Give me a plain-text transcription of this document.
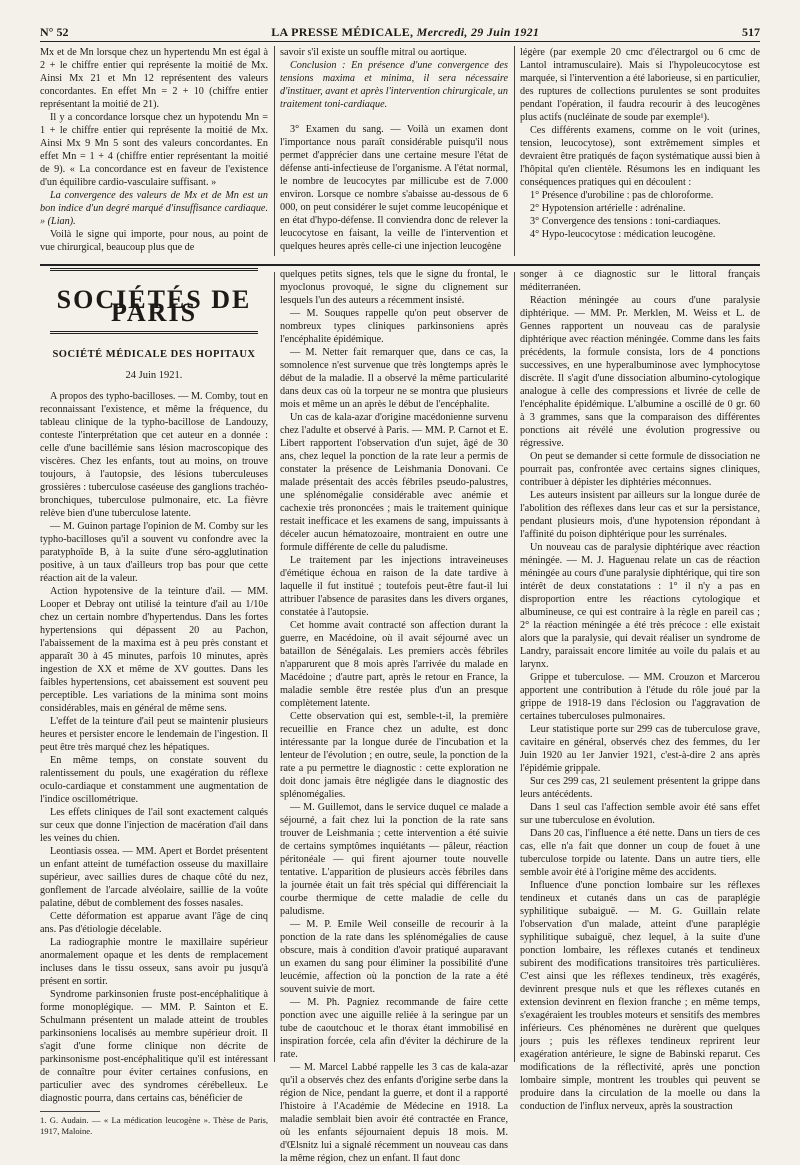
N° 52	LA PRESSE MÉDICALE, Mercredi, 29 Juin 1921	517

Mx et de Mn lorsque chez un hypertendu Mn est égal à 2 + le chiffre entier qui représente la moitié de Mx. Ainsi Mx 21 et Mn 12 représentent des valeurs concordantes. En effet Mn = 2 + 10 (chiffre entier représentant la moitié de 21).

Il y a concordance lorsque chez un hypotendu Mn = 1 + le chiffre entier qui représente la moitié de Mx. Ainsi Mx 9 Mn 5 sont des valeurs concordantes. En effet Mn = 1 + 4 (chiffre entier représentant la moitié de 9). « La concordance est en faveur de l'existence d'un équilibre cardio-vasculaire suffisant. »

La convergence des valeurs de Mx et de Mn est un bon indice d'un degré marqué d'insuffisance cardiaque. » (Lian).

Voilà le signe qui importe, pour nous, au point de vue chirurgical, beaucoup plus que de

savoir s'il existe un souffle mitral ou aortique.

Conclusion : En présence d'une convergence des tensions maxima et minima, il sera nécessaire d'instituer, avant et après l'intervention chirurgicale, un traitement toni-cardiaque.

3° Examen du sang. — Voilà un examen dont l'importance nous paraît considérable puisqu'il nous permet d'apprécier dans une certaine mesure l'état de défense anti-infectieuse de l'organisme. A l'état normal, le nombre de leucocytes par millicube est de 7.000 environ. Lorsque ce nombre s'abaisse au-dessous de 6 000, on peut considérer le sujet comme leucopénique et en état d'hypo-défense. Il conviendra donc de relever la leucocytose en faisant, la veille de l'intervention et quelques heures après celle-ci une injection leucogène

légère (par exemple 20 cmc d'électrargol ou 6 cmc de Lantol intramusculaire). Mais si l'hypoleucocytose est marquée, si l'intervention a été laborieuse, si en particulier, des ruptures de collections purulentes se sont produites pendant l'opération, il faudra recourir à des leucogènes plus actifs (nucléinate de soude par exemple¹).

Ces différents examens, comme on le voit (urines, tension, leucocytose), sont extrêmement simples et devraient être pratiqués de façon systématique aussi bien à l'hôpital qu'en clientèle. Résumons les en indiquant les conséquences pratiques qui en découlent :

1° Présence d'urobiline : pas de chloroforme.

2° Hypotension artérielle : adrénaline.

3° Convergence des tensions : toni-cardiaques.

4° Hypo-leucocytose : médication leucogène.

SOCIÉTÉS DE PARIS
SOCIÉTÉ MÉDICALE DES HOPITAUX
24 Juin 1921.

A propos des typho-bacilloses. — M. Comby, tout en reconnaissant l'existence, et même la fréquence, du tableau clinique de la typho-bacillose de Landouzy, conteste l'interprétation que cet auteur en a donnée : celle d'une bacillémie sans lésion macroscopique des viscères. Chez les enfants, tout au moins, on trouve toujours, à l'autopsie, des lésions tuberculeuses grossières : tuberculose caséeuse des ganglions trachéo-bronchiques, tuberculose pulmonaire, etc. La fièvre relève bien d'une tuberculose latente.

— M. Guinon partage l'opinion de M. Comby sur les typho-bacilloses qu'il a souvent vu confondre avec la paratyphoïde B, à la suite d'une séro-agglutination positive, à un taux d'ailleurs trop bas pour que cette réaction ait de la valeur.

Action hypotensive de la teinture d'ail. — MM. Looper et Debray ont utilisé la teinture d'ail au 1/10e chez un certain nombre d'hypertendus. Dans les fortes hypertensions qui dépassent 20 au Pachon, l'abaissement de la maxima est à peu près constant et apparaît 30 à 45 minutes, parfois 10 minutes, après ingestion de XX et même de XV gouttes. Dans les faibles hypertensions, cet abaissement est souvent peu perceptible. Les variations de la minima sont moins considérables, mais en général de même sens.

L'effet de la teinture d'ail peut se maintenir plusieurs heures et persister encore le lendemain de l'ingestion. Il peut être très marqué chez les hépatiques.

En même temps, on constate souvent du ralentissement du pouls, une exagération du réflexe oculo-cardiaque et constamment une augmentation de l'indice oscillométrique.

Les effets cliniques de l'ail sont exactement calqués sur ceux que donne l'injection de macération d'ail dans les veines du chien.

Leontiasis ossea. — MM. Apert et Bordet présentent un enfant atteint de tuméfaction osseuse du maxillaire supérieur, avec saillies dures de chaque côté du nez, gonflement de l'arcade alvéolaire, saillie de la voûte palatine, début de comblement des fosses nasales.

Cette déformation est apparue avant l'âge de cinq ans. Pas d'étiologie décelable.

La radiographie montre le maxillaire supérieur anormalement opaque et les dents de remplacement incluses dans le tissu osseux, sans avoir pu jusqu'à présent en sortir.

Syndrome parkinsonien fruste post-encéphalitique à forme monoplégique. — MM. P. Sainton et E. Schulmann présentent un malade atteint de troubles parkinsoniens localisés au membre supérieur droit. Il s'agit d'une forme clinique non décrite de parkinsonisme post-encéphalitique qu'il est intéressant de connaître pour éviter certaines confusions, en particulier avec des syndromes cérébelleux. Le diagnostic pourra, dans certains cas, bénéficier de

1. G. Audain. — « La médication leucogène ». Thèse de Paris, 1917, Maloine.

quelques petits signes, tels que le signe du frontal, le myoclonus provoqué, le signe du clignement sur lesquels l'un des auteurs a récemment insisté.

— M. Souques rappelle qu'on peut observer de nombreux types cliniques parkinsoniens après l'encéphalite épidémique.

— M. Netter fait remarquer que, dans ce cas, la somnolence n'est survenue que très longtemps après le début de la maladie. Il a observé la même particularité dans deux cas où la torpeur ne se montra que plusieurs mois et même un an après le début de l'encéphalite.

Un cas de kala-azar d'origine macédonienne survenu chez l'adulte et observé à Paris. — MM. P. Carnot et E. Libert rapportent l'observation d'un sujet, âgé de 30 ans, chez lequel la ponction de la rate leur a permis de constater la présence de Leishmania Donovani. Ce malade présentait des accès fébriles pseudo-palustres, une splénomégalie considérable avec anémie et cachexie très prononcées ; mais le traitement quinique restait inefficace et les examens de sang, impuissants à déceler aucun hématozoaire, montraient en outre une formule différente de celle du paludisme.

Le traitement par les injections intraveineuses d'émétique échoua en raison de la date tardive à laquelle il fut institué ; toutefois peut-être faut-il lui attribuer l'absence de parasites dans les divers organes, constatée à l'autopsie.

Cet homme avait contracté son affection durant la guerre, en Macédoine, où il avait séjourné avec un bataillon de Sénégalais. Les premiers accès fébriles n'apparurent que 8 mois après l'arrivée du malade en Macédoine ; d'autre part, après le retour en France, la maladie semble être restée plus d'un an presque complètement latente.

Cette observation qui est, semble-t-il, la première recueillie en France chez un adulte, est donc intéressante par la longue durée de l'incubation et la lenteur de l'évolution ; en outre, seule, la ponction de la rate a pu permettre le diagnostic : cette exploration ne doit donc jamais être négligée dans le diagnostic des splénomégalies.

— M. Guillemot, dans le service duquel ce malade a séjourné, a fait chez lui la ponction de la rate sans trouver de Leishmania ; cette intervention a été suivie de certains symptômes inquiétants — pâleur, réaction péritonéale — qui firent ajourner toute nouvelle tentative. L'apparition de plusieurs accès fébriles dans la journée était un fait très spécial qui différenciait la courbe thermique de cette maladie de celle du paludisme.

— M. P. Emile Weil conseille de recourir à la ponction de la rate dans les splénomégalies de cause obscure, mais à condition d'avoir pratiqué auparavant un examen du sang pour éliminer la possibilité d'une leucémie, affection où la ponction de la rate a été souvent suivie de mort.

— M. Ph. Pagniez recommande de faire cette ponction avec une aiguille reliée à la seringue par un tube de caoutchouc et le thorax étant immobilisé en inspiration forcée, cela afin d'éviter la déchirure de la rate.

— M. Marcel Labbé rappelle les 3 cas de kala-azar qu'il a observés chez des enfants d'origine serbe dans la région de Nice, pendant la guerre, et dont il a rapporté l'histoire à l'Académie de Médecine en 1918. La maladie semblait bien avoir été contractée en France, où les enfants séjournaient depuis 18 mois. M. d'Œlsnitz lui a signalé récemment un nouveau cas dans la même région, chez un enfant. Il faut donc

songer à ce diagnostic sur le littoral français méditerranéen.

Réaction méningée au cours d'une paralysie diphtérique. — MM. Pr. Merklen, M. Weiss et L. de Gennes rapportent un nouveau cas de paralysie diphtérique avec réaction méningée. Comme dans les faits précédents, la formule consista, lors de 4 ponctions successives, en une hyperalbuminose avec lymphocytose discrète. Il s'agit d'une dissociation albumino-cytologique analogue à celle des compressions et livrée de celle de l'encéphalite épidémique. L'albumine a oscillé de 0 gr. 60 à 3 grammes, sans que la comparaison des différentes ponctions ait révélé une évolution progressive ou régressive.

On peut se demander si cette formule de dissociation ne pourrait pas, confrontée avec certains signes cliniques, contribuer à dépister les diphtéries méconnues.

Les auteurs insistent par ailleurs sur la longue durée de l'abolition des réflexes dans leur cas et sur la persistance, pendant plusieurs mois, d'une hypotension répondant à l'affinité du poison diphtérique pour les surrénales.

Un nouveau cas de paralysie diphtérique avec réaction méningée. — M. J. Haguenau relate un cas de réaction méningée au cours d'une paralysie diphtérique, qui tire son intérêt de deux constatations : 1° il n'y a pas en disproportion entre les réactions cytologique et albumineuse, ce qui est contraire à la règle en pareil cas ; 2° la réaction méningée a été très précoce : elle existait alors que la paralysie, qui devait réaliser un syndrome de Landry, paraissait encore limitée au voile du palais et au larynx.

Grippe et tuberculose. — MM. Crouzon et Marcerou apportent une contribution à l'étude du rôle joué par la grippe de 1918-19 dans l'éclosion ou l'aggravation de certaines tuberculoses pulmonaires.

Leur statistique porte sur 299 cas de tuberculose grave, cavitaire en général, observés chez des femmes, du 1er Juin 1920 au 1er Janvier 1921, c'est-à-dire 2 ans après l'épidémie grippale.

Sur ces 299 cas, 21 seulement présentent la grippe dans leurs antécédents.

Dans 1 seul cas l'affection semble avoir été sans effet sur une tuberculose en évolution.

Dans 20 cas, l'influence a été nette. Dans un tiers de ces cas, elle n'a fait que donner un coup de fouet à une tuberculose torpide ou latente. Dans un autre tiers, elle semble avoir été à l'origine même des accidents.

Influence d'une ponction lombaire sur les réflexes tendineux et cutanés dans un cas de paraplégie syphilitique subaiguë. — M. G. Guillain relate l'observation d'un malade, atteint d'une paraplégie syphilitique subaiguë, chez lequel, à la suite d'une ponction lombaire, les réflexes cutanés et tendineux subirent des modifications transitoires très particulières. C'est ainsi que les réflexes tendineux, très exagérés, devinrent presque nuls et que les réflexes cutanés en extension devinrent en flexion franche ; en même temps, s'exagéraient les troubles moteurs et sensitifs des membres inférieurs. Ces phénomènes ne durèrent que quelques jours ; puis les réflexes tendineux reprirent leur exagération antérieure, le signe de Babinski reparut. Ces modifications de la réflectivité, après une ponction lombaire simple, montrent les troubles qui peuvent se produire dans la circulation de la moelle ou dans la conduction de l'influx nerveux, après la soustraction
